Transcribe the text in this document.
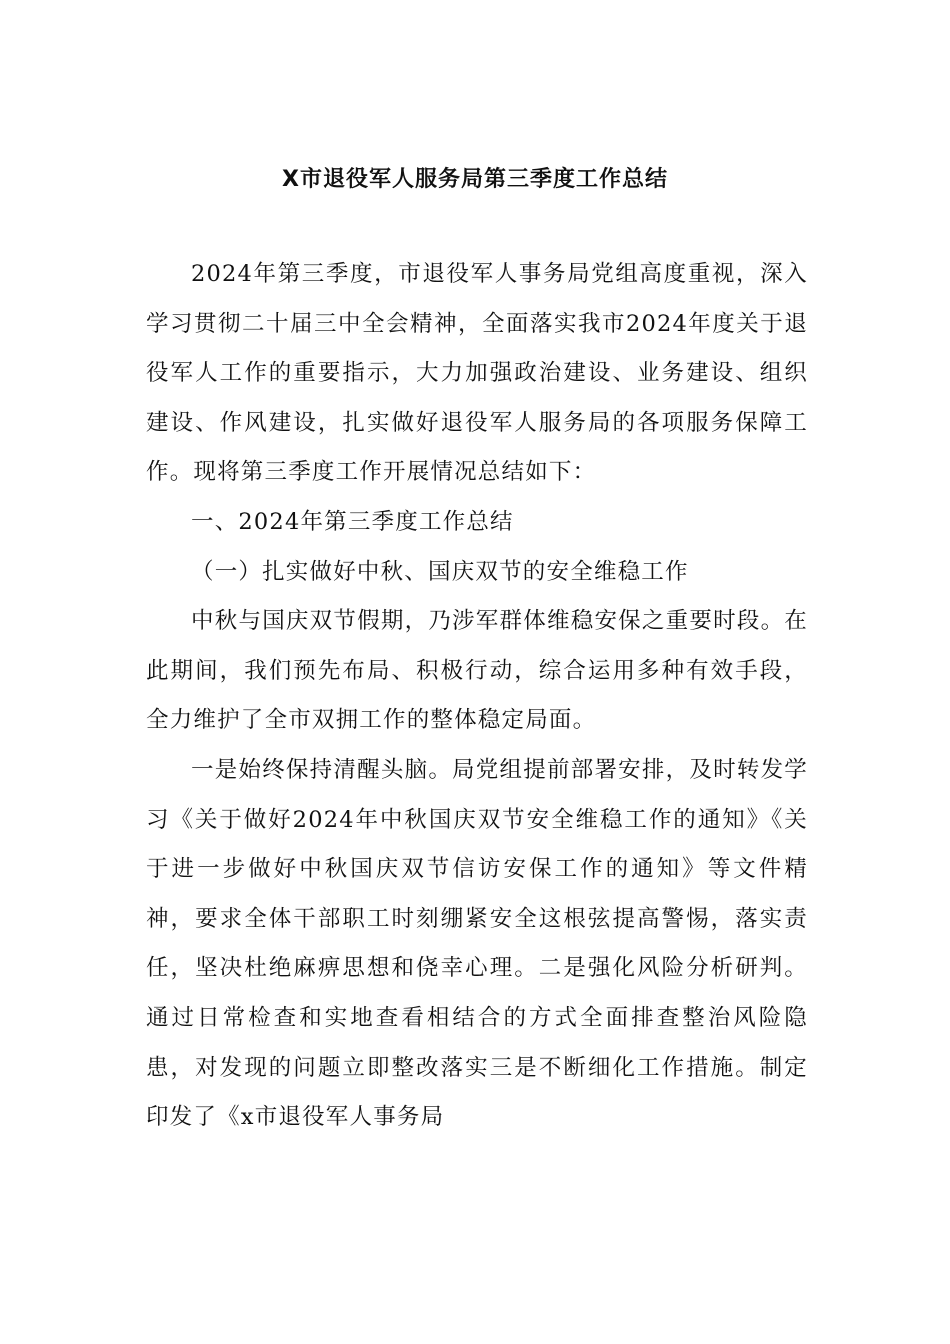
X市退役军人服务局第三季度工作总结

2024年第三季度，市退役军人事务局党组高度重视，深入学习贯彻二十届三中全会精神，全面落实我市2024年度关于退役军人工作的重要指示，大力加强政治建设、业务建设、组织建设、作风建设，扎实做好退役军人服务局的各项服务保障工作。现将第三季度工作开展情况总结如下：

一、2024年第三季度工作总结

（一）扎实做好中秋、国庆双节的安全维稳工作

中秋与国庆双节假期，乃涉军群体维稳安保之重要时段。在此期间，我们预先布局、积极行动，综合运用多种有效手段，全力维护了全市双拥工作的整体稳定局面。

一是始终保持清醒头脑。局党组提前部署安排，及时转发学习《关于做好2024年中秋国庆双节安全维稳工作的通知》《关于进一步做好中秋国庆双节信访安保工作的通知》等文件精神，要求全体干部职工时刻绷紧安全这根弦提高警惕，落实责任，坚决杜绝麻痹思想和侥幸心理。二是强化风险分析研判。通过日常检查和实地查看相结合的方式全面排查整治风险隐患，对发现的问题立即整改落实三是不断细化工作措施。制定印发了《x市退役军人事务局
